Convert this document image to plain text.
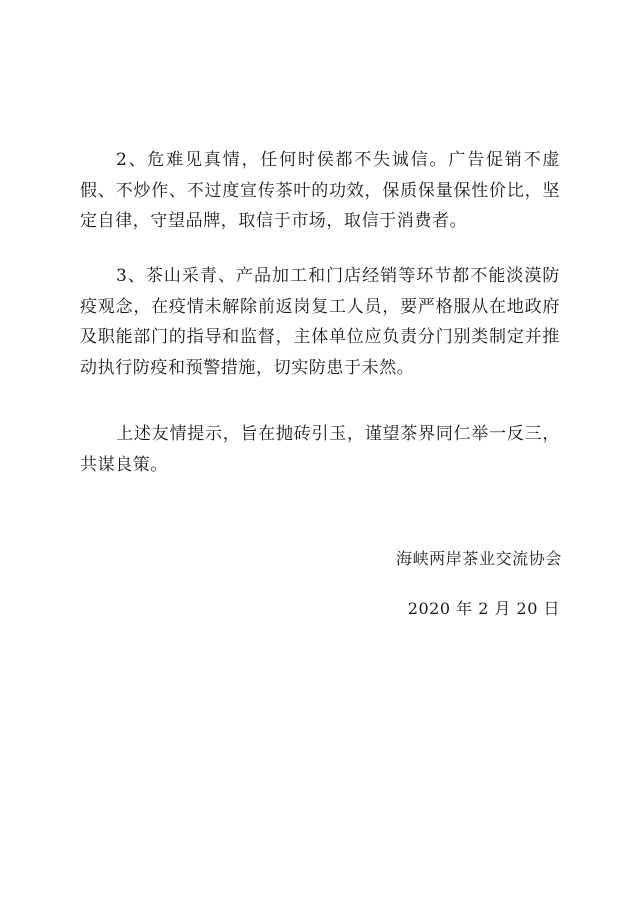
2、危难见真情，任何时侯都不失诚信。广告促销不虚假、不炒作、不过度宣传茶叶的功效，保质保量保性价比，坚定自律，守望品牌，取信于市场，取信于消费者。

3、茶山采青、产品加工和门店经销等环节都不能淡漠防疫观念，在疫情未解除前返岗复工人员，要严格服从在地政府及职能部门的指导和监督，主体单位应负责分门别类制定并推动执行防疫和预警措施，切实防患于未然。

上述友情提示，旨在抛砖引玉，谨望茶界同仁举一反三，共谋良策。

海峡两岸茶业交流协会

2020 年 2 月 20 日
